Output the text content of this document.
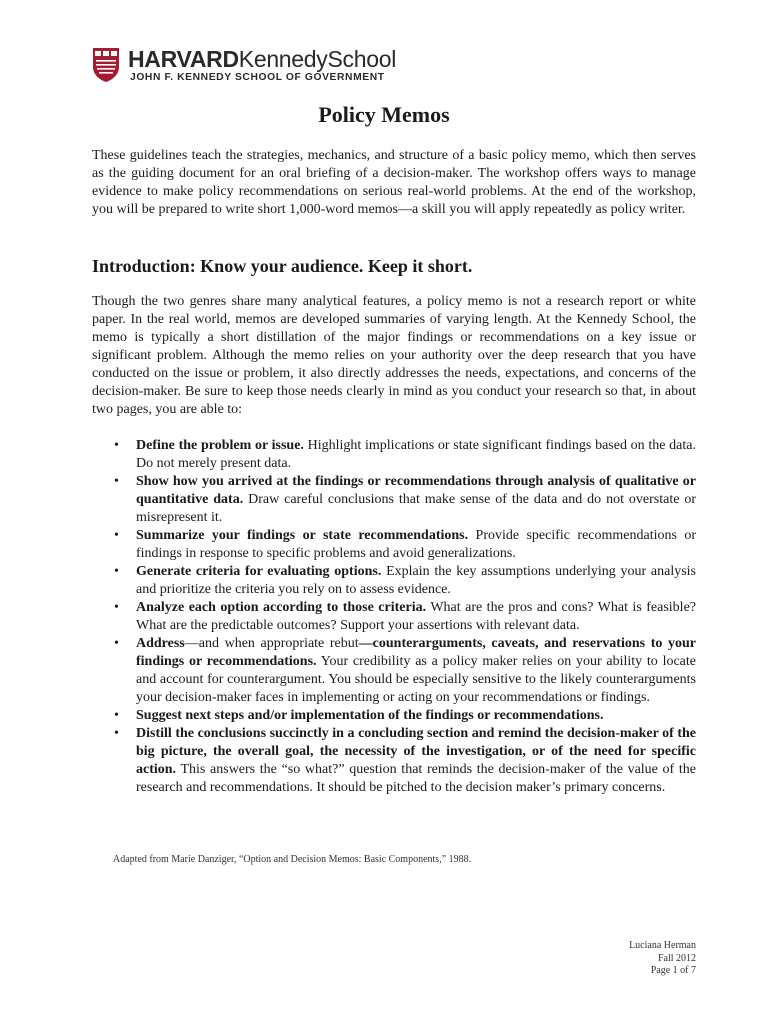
HARVARDKennedySchool
JOHN F. KENNEDY SCHOOL OF GOVERNMENT
Policy Memos
These guidelines teach the strategies, mechanics, and structure of a basic policy memo, which then serves as the guiding document for an oral briefing of a decision-maker. The workshop offers ways to manage evidence to make policy recommendations on serious real-world problems. At the end of the workshop, you will be prepared to write short 1,000-word memos—a skill you will apply repeatedly as policy writer.
Introduction: Know your audience. Keep it short.
Though the two genres share many analytical features, a policy memo is not a research report or white paper. In the real world, memos are developed summaries of varying length. At the Kennedy School, the memo is typically a short distillation of the major findings or recommendations on a key issue or significant problem. Although the memo relies on your authority over the deep research that you have conducted on the issue or problem, it also directly addresses the needs, expectations, and concerns of the decision-maker. Be sure to keep those needs clearly in mind as you conduct your research so that, in about two pages, you are able to:
• Define the problem or issue. Highlight implications or state significant findings based on the data. Do not merely present data.
• Show how you arrived at the findings or recommendations through analysis of qualitative or quantitative data. Draw careful conclusions that make sense of the data and do not overstate or misrepresent it.
• Summarize your findings or state recommendations. Provide specific recommendations or findings in response to specific problems and avoid generalizations.
• Generate criteria for evaluating options. Explain the key assumptions underlying your analysis and prioritize the criteria you rely on to assess evidence.
• Analyze each option according to those criteria. What are the pros and cons? What is feasible? What are the predictable outcomes? Support your assertions with relevant data.
• Address—and when appropriate rebut—counterarguments, caveats, and reservations to your findings or recommendations. Your credibility as a policy maker relies on your ability to locate and account for counterargument. You should be especially sensitive to the likely counterarguments your decision-maker faces in implementing or acting on your recommendations or findings.
• Suggest next steps and/or implementation of the findings or recommendations.
• Distill the conclusions succinctly in a concluding section and remind the decision-maker of the big picture, the overall goal, the necessity of the investigation, or of the need for specific action. This answers the “so what?” question that reminds the decision-maker of the value of the research and recommendations. It should be pitched to the decision maker’s primary concerns.
Adapted from Marie Danziger, “Option and Decision Memos: Basic Components,” 1988.
Luciana Herman
Fall 2012
Page 1 of 7
